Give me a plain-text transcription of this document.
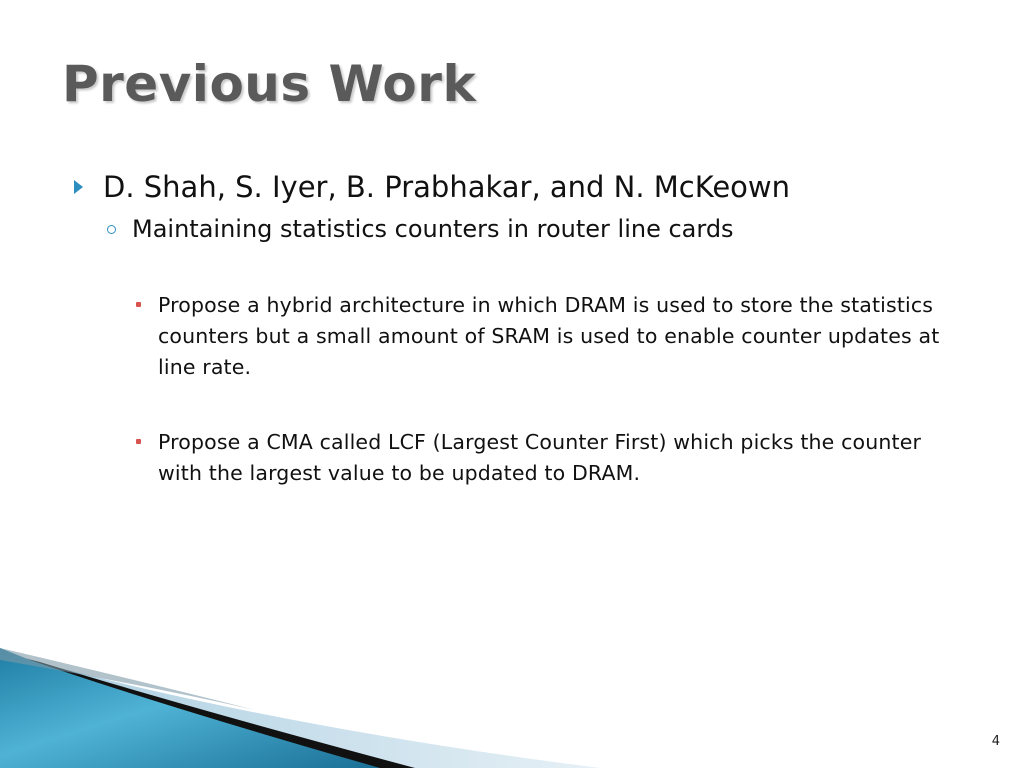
Previous Work
D. Shah, S. Iyer, B. Prabhakar, and N. McKeown
Maintaining statistics counters in router line cards
Propose a hybrid architecture in which DRAM is used to store the statistics counters but a small amount of SRAM is used to enable counter updates at line rate.
Propose a CMA called LCF (Largest Counter First) which picks the counter with the largest value to be updated to DRAM.
4
